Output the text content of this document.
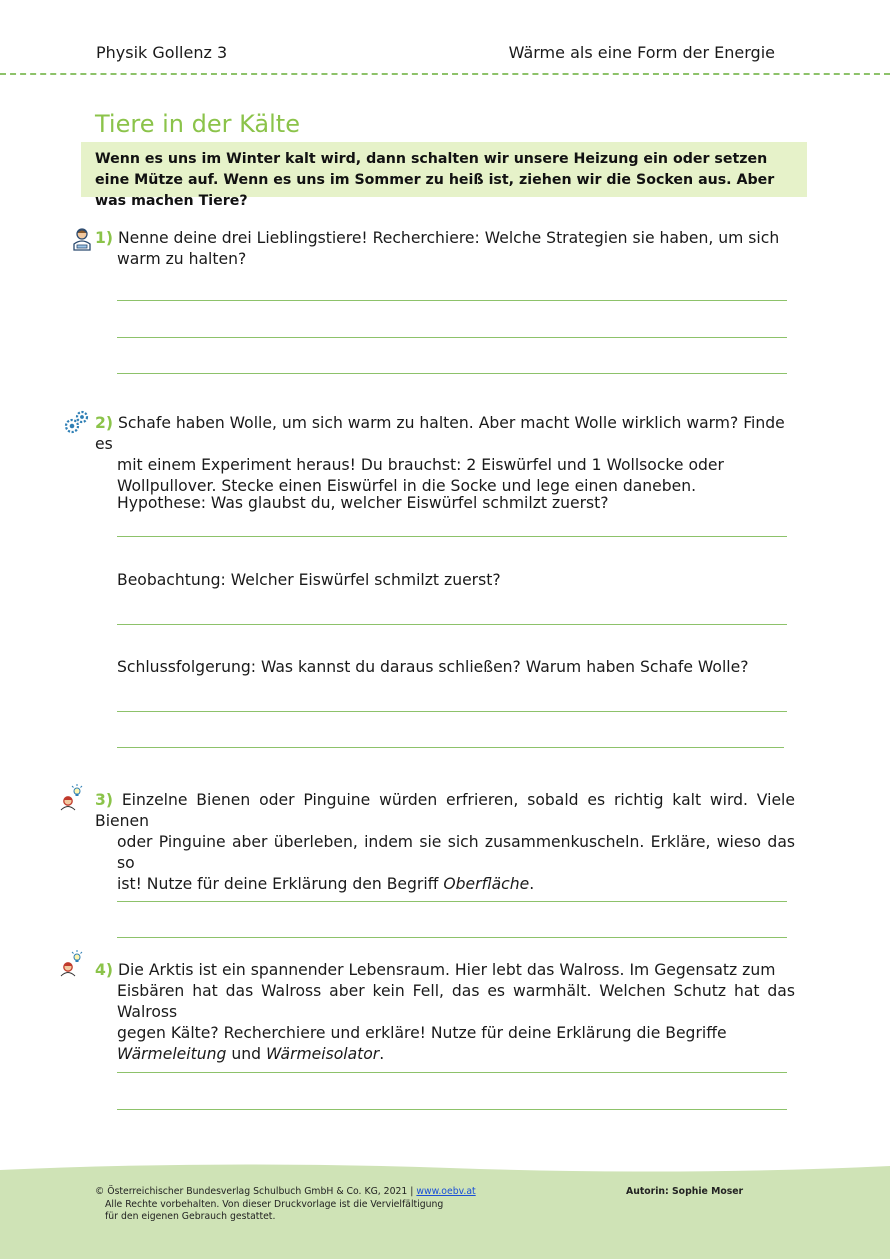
Physik Gollenz 3	Wärme als eine Form der Energie
Tiere in der Kälte
Wenn es uns im Winter kalt wird, dann schalten wir unsere Heizung ein oder setzen eine Mütze auf. Wenn es uns im Sommer zu heiß ist, ziehen wir die Socken aus. Aber was machen Tiere?
1) Nenne deine drei Lieblingstiere! Recherchiere: Welche Strategien sie haben, um sich
warm zu halten?
2) Schafe haben Wolle, um sich warm zu halten. Aber macht Wolle wirklich warm? Finde es
mit einem Experiment heraus! Du brauchst: 2 Eiswürfel und 1 Wollsocke oder
Wollpullover. Stecke einen Eiswürfel in die Socke und lege einen daneben.
Hypothese: Was glaubst du, welcher Eiswürfel schmilzt zuerst?
Beobachtung: Welcher Eiswürfel schmilzt zuerst?
Schlussfolgerung: Was kannst du daraus schließen? Warum haben Schafe Wolle?
3) Einzelne Bienen oder Pinguine würden erfrieren, sobald es richtig kalt wird. Viele Bienen
oder Pinguine aber überleben, indem sie sich zusammenkuscheln. Erkläre, wieso das so
ist! Nutze für deine Erklärung den Begriff Oberfläche.
4) Die Arktis ist ein spannender Lebensraum. Hier lebt das Walross. Im Gegensatz zum
Eisbären hat das Walross aber kein Fell, das es warmhält. Welchen Schutz hat das Walross
gegen Kälte? Recherchiere und erkläre! Nutze für deine Erklärung die Begriffe
Wärmeleitung und Wärmeisolator.
© Österreichischer Bundesverlag Schulbuch GmbH & Co. KG, 2021 | www.oebv.at
Alle Rechte vorbehalten. Von dieser Druckvorlage ist die Vervielfältigung
für den eigenen Gebrauch gestattet.
Autorin: Sophie Moser
